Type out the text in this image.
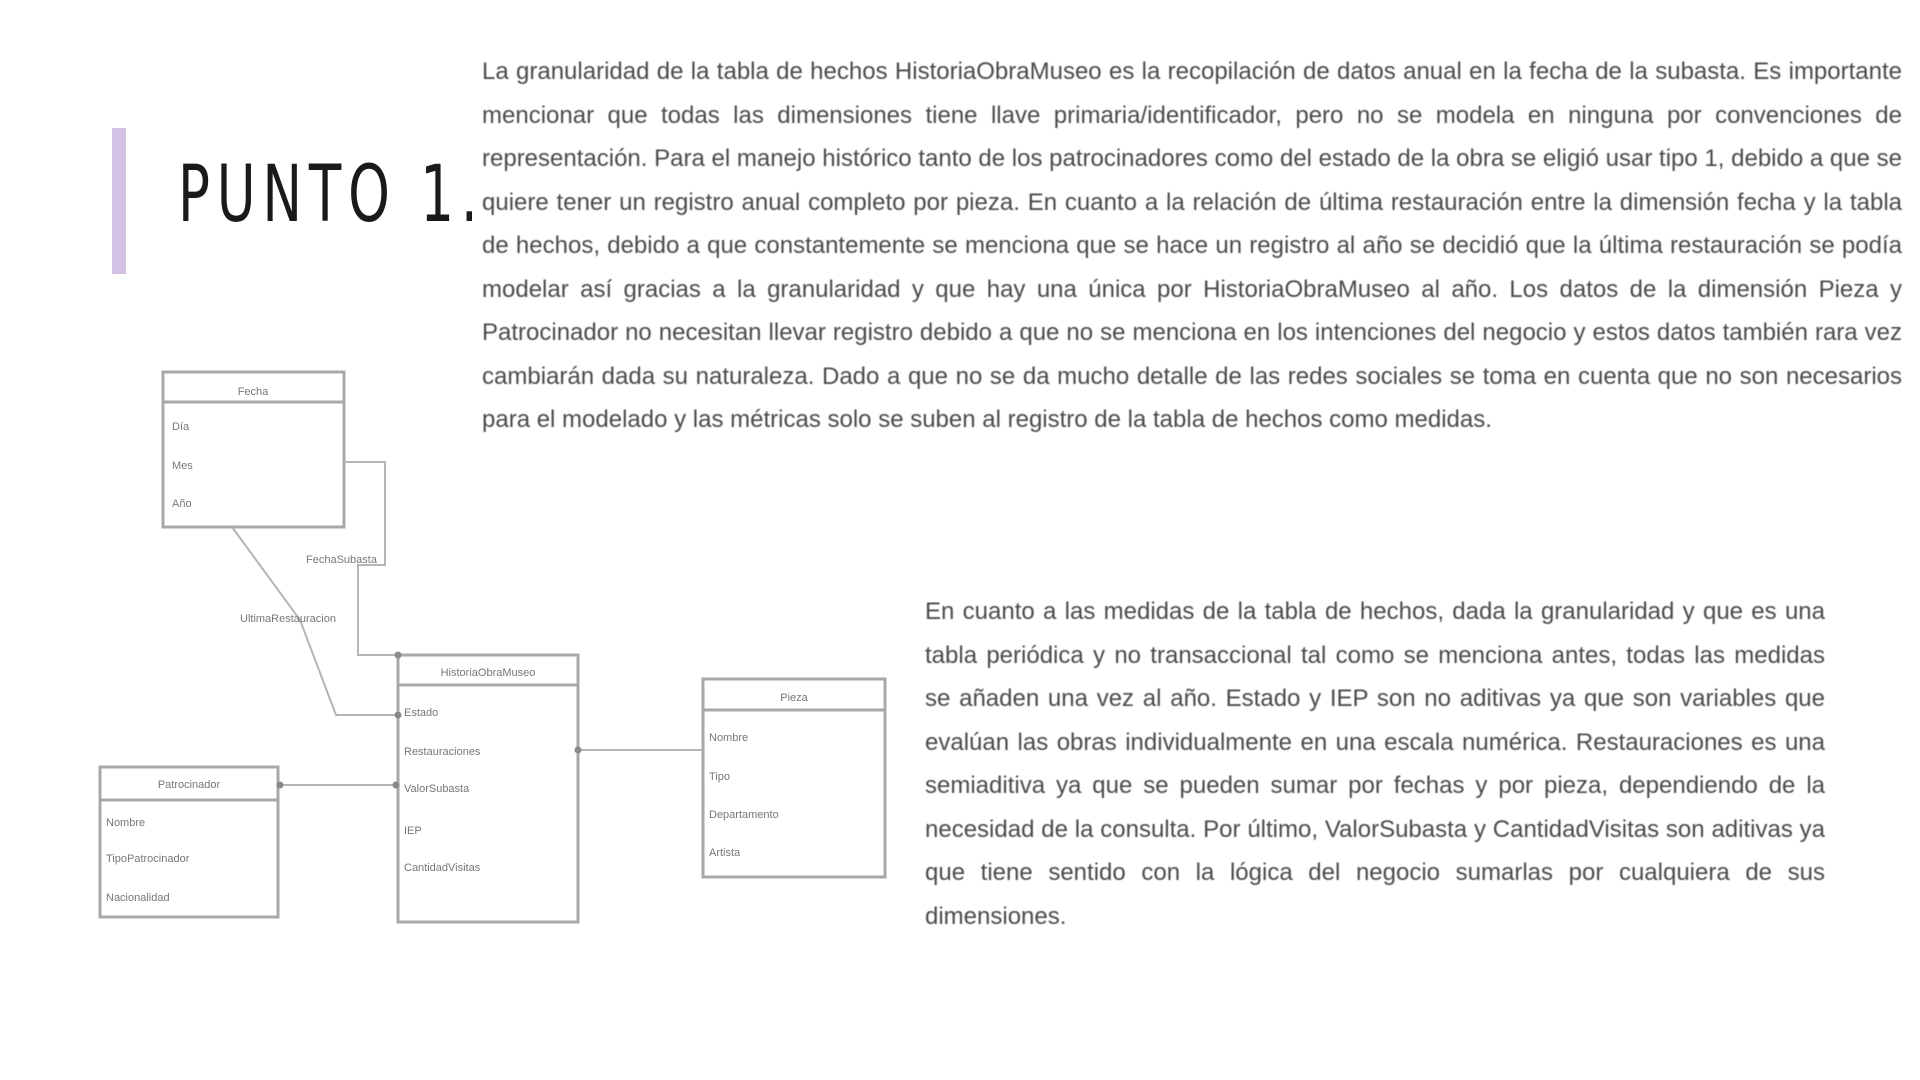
PUNTO 1.
Fecha
Día
Mes
Año
HistoriaObraMuseo
Estado
Restauraciones
ValorSubasta
IEP
CantidadVisitas
Pieza
Nombre
Tipo
Departamento
Artista
Patrocinador
Nombre
TipoPatrocinador
Nacionalidad
FechaSubasta
UltimaRestauracion

La granularidad de la tabla de hechos HistoriaObraMuseo es la recopilación de datos anual en la fecha de la subasta. Es importante mencionar que todas las dimensiones tiene llave primaria/identificador, pero no se modela en ninguna por convenciones de representación. Para el manejo histórico tanto de los patrocinadores como del estado de la obra se eligió usar tipo 1, debido a que se quiere tener un registro anual completo por pieza. En cuanto a la relación de última restauración entre la dimensión fecha y la tabla de hechos, debido a que constantemente se menciona que se hace un registro al año se decidió que la última restauración se podía modelar así gracias a la granularidad y que hay una única por HistoriaObraMuseo al año. Los datos de la dimensión Pieza y Patrocinador no necesitan llevar registro debido a que no se menciona en los intenciones del negocio y estos datos también rara vez cambiarán dada su naturaleza. Dado a que no se da mucho detalle de las redes sociales se toma en cuenta que no son necesarios para el modelado y las métricas solo se suben al registro de la tabla de hechos como medidas.

En cuanto a las medidas de la tabla de hechos, dada la granularidad y que es una tabla periódica y no transaccional tal como se menciona antes, todas las medidas se añaden una vez al año. Estado y IEP son no aditivas ya que son variables que evalúan las obras individualmente en una escala numérica. Restauraciones es una semiaditiva ya que se pueden sumar por fechas y por pieza, dependiendo de la necesidad de la consulta. Por último, ValorSubasta y CantidadVisitas son aditivas ya que tiene sentido con la lógica del negocio sumarlas por cualquiera de sus dimensiones.
